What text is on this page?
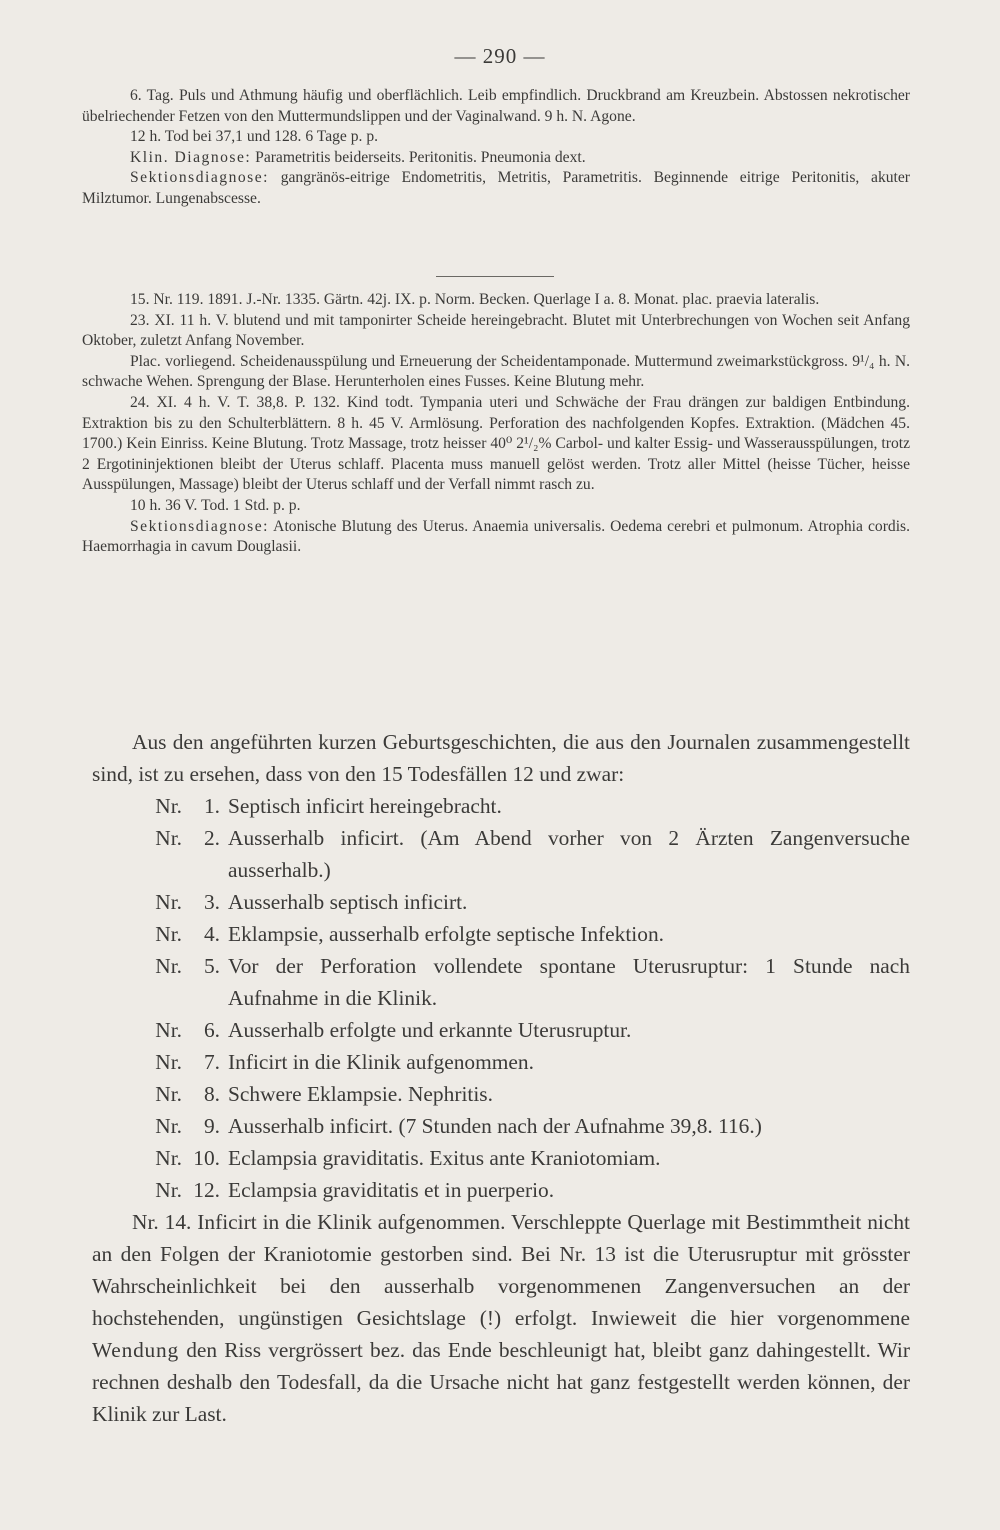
— 290 —

6. Tag. Puls und Athmung häufig und oberflächlich. Leib empfindlich. Druckbrand am Kreuzbein. Abstossen nekrotischer übelriechender Fetzen von den Muttermundslippen und der Vaginalwand. 9 h. N. Agone.

12 h. Tod bei 37,1 und 128. 6 Tage p. p.

Klin. Diagnose: Parametritis beiderseits. Peritonitis. Pneumonia dext.

Sektionsdiagnose: gangränös-eitrige Endometritis, Metritis, Parametritis. Beginnende eitrige Peritonitis, akuter Milztumor. Lungenabscesse.

15. Nr. 119. 1891. J.-Nr. 1335. Gärtn. 42j. IX. p. Norm. Becken. Querlage I a. 8. Monat. plac. praevia lateralis.

23. XI. 11 h. V. blutend und mit tamponirter Scheide hereingebracht. Blutet mit Unterbrechungen von Wochen seit Anfang Oktober, zuletzt Anfang November.

Plac. vorliegend. Scheidenausspülung und Erneuerung der Scheidentamponade. Muttermund zweimarkstückgross. 9¹/₄ h. N. schwache Wehen. Sprengung der Blase. Herunterholen eines Fusses. Keine Blutung mehr.

24. XI. 4 h. V. T. 38,8. P. 132. Kind todt. Tympania uteri und Schwäche der Frau drängen zur baldigen Entbindung. Extraktion bis zu den Schulterblättern. 8 h. 45 V. Armlösung. Perforation des nachfolgenden Kopfes. Extraktion. (Mädchen 45. 1700.) Kein Einriss. Keine Blutung. Trotz Massage, trotz heisser 40⁰ 2¹/₂% Carbol- und kalter Essig- und Wasserausspülungen, trotz 2 Ergotininjektionen bleibt der Uterus schlaff. Placenta muss manuell gelöst werden. Trotz aller Mittel (heisse Tücher, heisse Ausspülungen, Massage) bleibt der Uterus schlaff und der Verfall nimmt rasch zu.

10 h. 36 V. Tod. 1 Std. p. p.

Sektionsdiagnose: Atonische Blutung des Uterus. Anaemia universalis. Oedema cerebri et pulmonum. Atrophia cordis. Haemorrhagia in cavum Douglasii.

Aus den angeführten kurzen Geburtsgeschichten, die aus den Journalen zusammengestellt sind, ist zu ersehen, dass von den 15 Todesfällen 12 und zwar:

Nr.	1. Septisch inficirt hereingebracht.
Nr.	2. Ausserhalb inficirt. (Am Abend vorher von 2 Ärzten Zangenversuche ausserhalb.)
Nr.	3. Ausserhalb septisch inficirt.
Nr.	4. Eklampsie, ausserhalb erfolgte septische Infektion.
Nr.	5. Vor der Perforation vollendete spontane Uterusruptur: 1 Stunde nach Aufnahme in die Klinik.
Nr.	6. Ausserhalb erfolgte und erkannte Uterusruptur.
Nr.	7. Inficirt in die Klinik aufgenommen.
Nr.	8. Schwere Eklampsie. Nephritis.
Nr.	9. Ausserhalb inficirt. (7 Stunden nach der Aufnahme 39,8. 116.)
Nr. 10. Eclampsia graviditatis. Exitus ante Kraniotomiam.
Nr. 12. Eclampsia graviditatis et in puerperio.

Nr. 14. Inficirt in die Klinik aufgenommen. Verschleppte Querlage mit Bestimmtheit nicht an den Folgen der Kraniotomie gestorben sind. Bei Nr. 13 ist die Uterusruptur mit grösster Wahrscheinlichkeit bei den ausserhalb vorgenommenen Zangenversuchen an der hochstehenden, ungünstigen Gesichtslage (!) erfolgt. Inwieweit die hier vorgenommene Wendung den Riss vergrössert bez. das Ende beschleunigt hat, bleibt ganz dahingestellt. Wir rechnen deshalb den Todesfall, da die Ursache nicht hat ganz festgestellt werden können, der Klinik zur Last.
